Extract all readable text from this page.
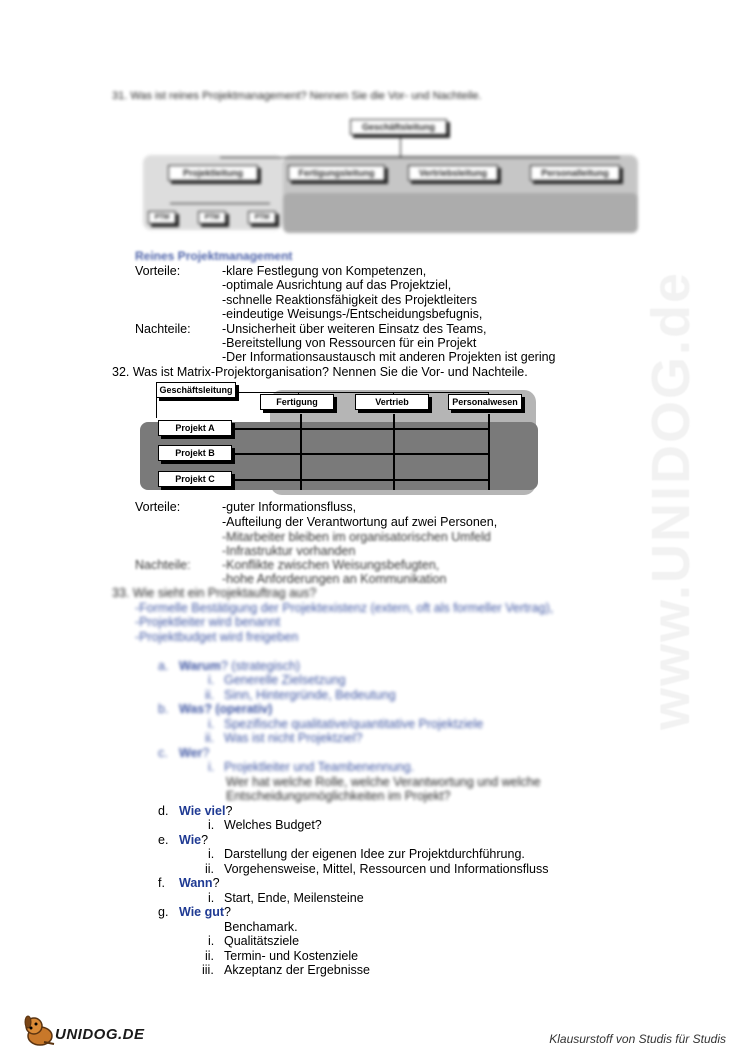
www.UNIDOG.de
31. Was ist reines Projektmanagement? Nennen Sie die Vor- und Nachteile.
Geschäftsleitung
Projektleitung	Fertigungsleitung	Vertriebsleitung	Personalleitung
PTM	PTM	PTM
Reines Projektmanagement
Vorteile:	-klare Festlegung von Kompetenzen,
-optimale Ausrichtung auf das Projektziel,
-schnelle Reaktionsfähigkeit des Projektleiters
-eindeutige Weisungs-/Entscheidungsbefugnis,
Nachteile:	-Unsicherheit über weiteren Einsatz des Teams,
-Bereitstellung von Ressourcen für ein Projekt
-Der Informationsaustausch mit anderen Projekten ist gering
32. Was ist Matrix-Projektorganisation? Nennen Sie die Vor- und Nachteile.
Geschäftsleitung
Fertigung	Vertrieb	Personalwesen
Projekt A
Projekt B
Projekt C
Vorteile:	-guter Informationsfluss,
-Aufteilung der Verantwortung auf zwei Personen,
-Mitarbeiter bleiben im organisatorischen Umfeld
-Infrastruktur vorhanden
Nachteile:	-Konflikte zwischen Weisungsbefugten,
-hohe Anforderungen an Kommunikation
33. Wie sieht ein Projektauftrag aus?
-Formelle Bestätigung der Projektexistenz (extern, oft als formeller Vertrag),
-Projektleiter wird benannt
-Projektbudget wird freigeben
a. Warum? (strategisch)
i. Generelle Zielsetzung
ii. Sinn, Hintergründe, Bedeutung
b. Was? (operativ)
i. Spezifische qualitative/quantitative Projektziele
ii. Was ist nicht Projektziel?
c. Wer?
i. Projektleiter und Teambenennung.
Wer hat welche Rolle, welche Verantwortung und welche
Entscheidungsmöglichkeiten im Projekt?
d. Wie viel?
i. Welches Budget?
e. Wie?
i. Darstellung der eigenen Idee zur Projektdurchführung.
ii. Vorgehensweise, Mittel, Ressourcen und Informationsfluss
f. Wann?
i. Start, Ende, Meilensteine
g. Wie gut?
Benchamark.
i. Qualitätsziele
ii. Termin- und Kostenziele
iii. Akzeptanz der Ergebnisse
UNIDOG.DE	Klausurstoff von Studis für Studis
